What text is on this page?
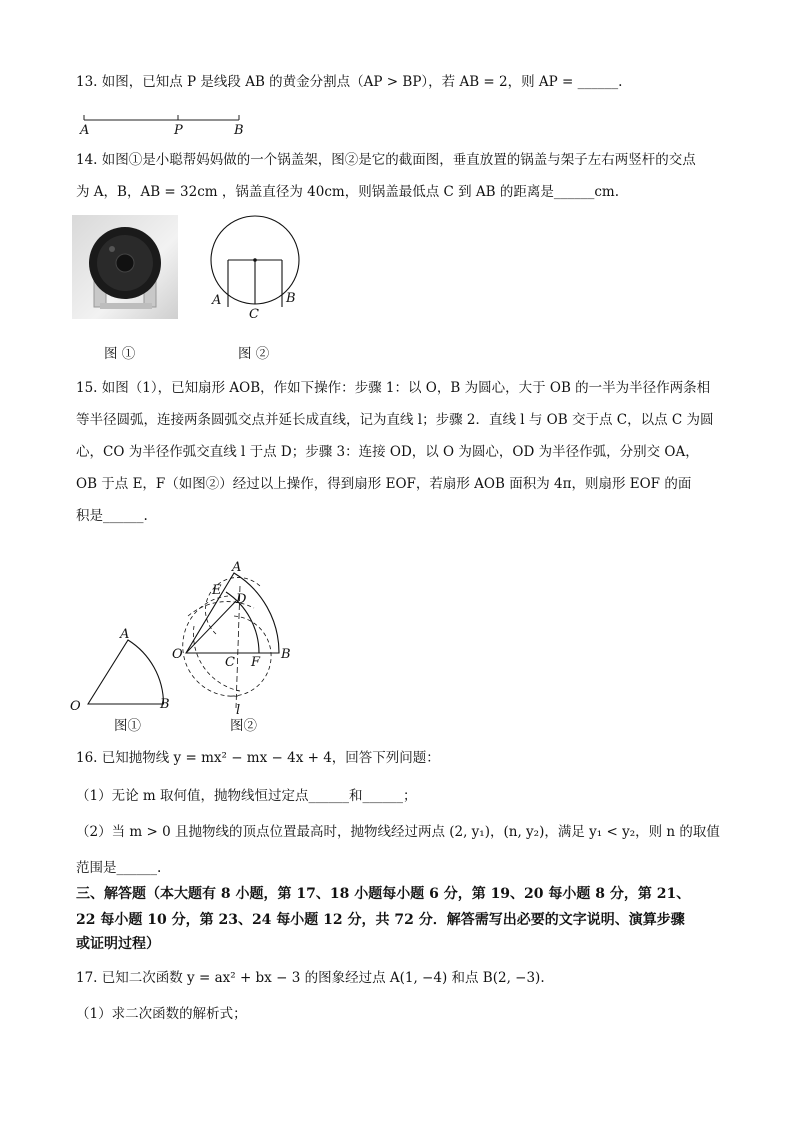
13. 如图，已知点 P 是线段 AB 的黄金分割点（AP > BP），若 AB = 2，则 AP = ______.
A	P	B
14. 如图①是小聪帮妈妈做的一个锅盖架，图②是它的截面图，垂直放置的锅盖与架子左右两竖杆的交点
为 A，B，AB = 32cm ，锅盖直径为 40cm，则锅盖最低点 C 到 AB 的距离是______cm.
A	B
C
图 ①	图 ②
15. 如图（1），已知扇形 AOB，作如下操作：步骤 1：以 O，B 为圆心，大于 OB 的一半为半径作两条相
等半径圆弧，连接两条圆弧交点并延长成直线，记为直线 l；步骤 2．直线 l 与 OB 交于点 C，以点 C 为圆
心，CO 为半径作弧交直线 l 于点 D；步骤 3：连接 OD，以 O 为圆心，OD 为半径作弧，分别交 OA，
OB 于点 E，F（如图②）经过以上操作，得到扇形 EOF，若扇形 AOB 面积为 4π，则扇形 EOF 的面
积是______.
A
O	B
A
E
D
O
C F
B
l
图①	图②
16. 已知抛物线 y = mx² − mx − 4x + 4，回答下列问题：
（1）无论 m 取何值，抛物线恒过定点______和______；
（2）当 m > 0 且抛物线的顶点位置最高时，抛物线经过两点 (2, y₁)，(n, y₂)，满足 y₁ < y₂，则 n 的取值
范围是______.
三、解答题（本大题有 8 小题，第 17、18 小题每小题 6 分，第 19、20 每小题 8 分，第 21、
22 每小题 10 分，第 23、24 每小题 12 分，共 72 分．解答需写出必要的文字说明、演算步骤
或证明过程）
17. 已知二次函数 y = ax² + bx − 3 的图象经过点 A(1, −4) 和点 B(2, −3).
（1）求二次函数的解析式；
